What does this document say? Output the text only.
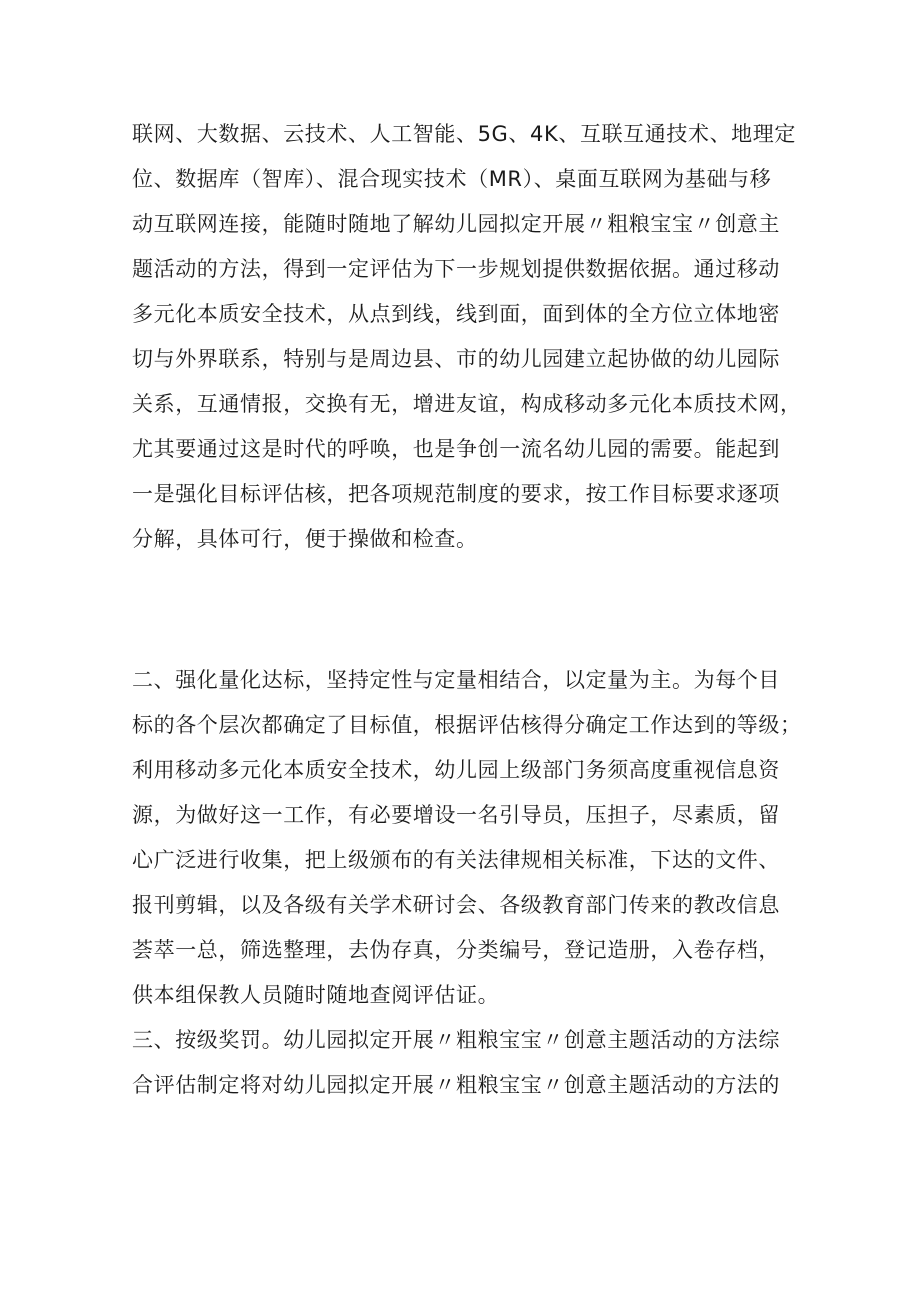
联网、大数据、云技术、人工智能、5G、4K、互联互通技术、地理定
位、数据库（智库）、混合现实技术（MR）、桌面互联网为基础与移
动互联网连接，能随时随地了解幼儿园拟定开展〃粗粮宝宝〃创意主
题活动的方法，得到一定评估为下一步规划提供数据依据。通过移动
多元化本质安全技术，从点到线，线到面，面到体的全方位立体地密
切与外界联系，特别与是周边县、市的幼儿园建立起协做的幼儿园际
关系，互通情报，交换有无，增进友谊，构成移动多元化本质技术网，
尤其要通过这是时代的呼唤，也是争创一流名幼儿园的需要。能起到
一是强化目标评估核，把各项规范制度的要求，按工作目标要求逐项
分解，具体可行，便于操做和检查。
二、强化量化达标，坚持定性与定量相结合，以定量为主。为每个目
标的各个层次都确定了目标值，根据评估核得分确定工作达到的等级；
利用移动多元化本质安全技术，幼儿园上级部门务须高度重视信息资
源，为做好这一工作，有必要增设一名引导员，压担子，尽素质，留
心广泛进行收集，把上级颁布的有关法律规相关标准，下达的文件、
报刊剪辑，以及各级有关学术研讨会、各级教育部门传来的教改信息
荟萃一总，筛选整理，去伪存真，分类编号，登记造册，入卷存档，
供本组保教人员随时随地查阅评估证。
三、按级奖罚。幼儿园拟定开展〃粗粮宝宝〃创意主题活动的方法综
合评估制定将对幼儿园拟定开展〃粗粮宝宝〃创意主题活动的方法的
